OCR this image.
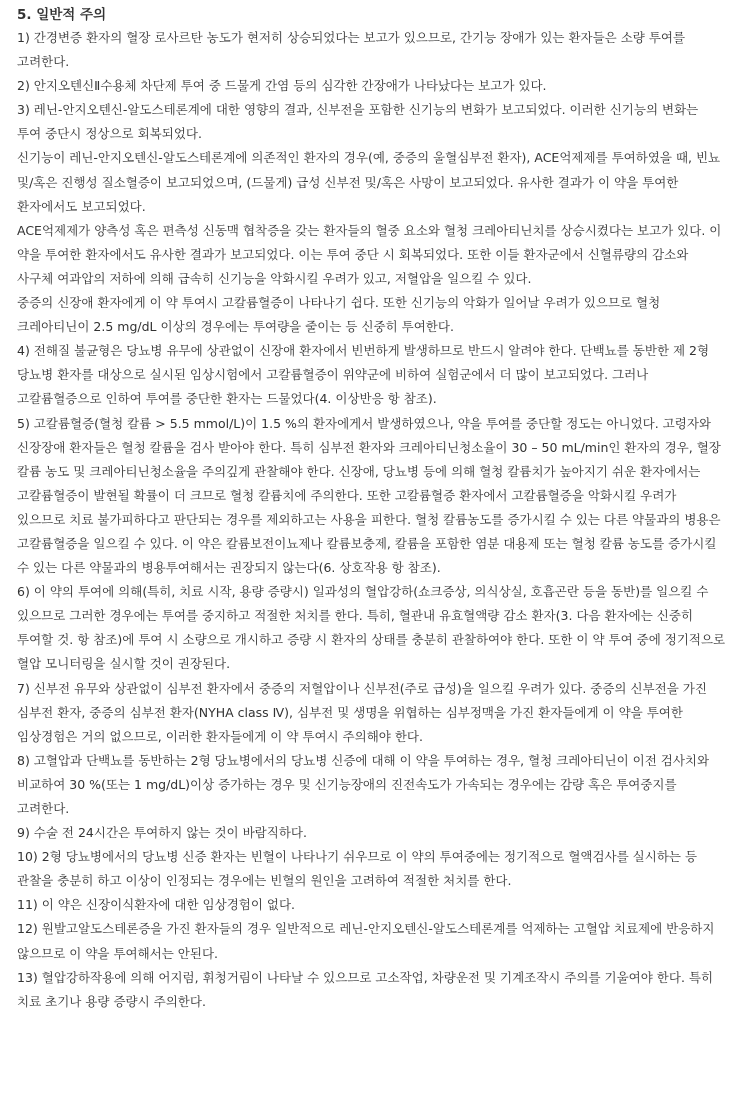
5. 일반적 주의

1) 간경변증 환자의 혈장 로사르탄 농도가 현저히 상승되었다는 보고가 있으므로, 간기능 장애가 있는 환자들은 소량 투여를 고려한다.

2) 안지오텐신Ⅱ수용체 차단제 투여 중 드물게 간염 등의 심각한 간장애가 나타났다는 보고가 있다.

3) 레닌-안지오텐신-알도스테론계에 대한 영향의 결과, 신부전을 포함한 신기능의 변화가 보고되었다. 이러한 신기능의 변화는 투여 중단시 정상으로 회복되었다.

신기능이 레닌-안지오텐신-알도스테론계에 의존적인 환자의 경우(예, 중증의 울혈심부전 환자), ACE억제제를 투여하였을 때, 빈뇨 및/혹은 진행성 질소혈증이 보고되었으며, (드물게) 급성 신부전 및/혹은 사망이 보고되었다. 유사한 결과가 이 약을 투여한 환자에서도 보고되었다.

ACE억제제가 양측성 혹은 편측성 신동맥 협착증을 갖는 환자들의 혈중 요소와 혈청 크레아티닌치를 상승시켰다는 보고가 있다. 이 약을 투여한 환자에서도 유사한 결과가 보고되었다. 이는 투여 중단 시 회복되었다. 또한 이들 환자군에서 신혈류량의 감소와 사구체 여과압의 저하에 의해 급속히 신기능을 악화시킬 우려가 있고, 저혈압을 일으킬 수 있다.

중증의 신장애 환자에게 이 약 투여시 고칼륨혈증이 나타나기 쉽다. 또한 신기능의 악화가 일어날 우려가 있으므로 혈청 크레아티닌이 2.5 mg/dL 이상의 경우에는 투여량을 줄이는 등 신중히 투여한다.

4) 전해질 불균형은 당뇨병 유무에 상관없이 신장애 환자에서 빈번하게 발생하므로 반드시 알려야 한다. 단백뇨를 동반한 제 2형 당뇨병 환자를 대상으로 실시된 임상시험에서 고칼륨혈증이 위약군에 비하여 실험군에서 더 많이 보고되었다. 그러나 고칼륨혈증으로 인하여 투여를 중단한 환자는 드물었다(4. 이상반응 항 참조).

5) 고칼륨혈증(혈청 칼륨 > 5.5 mmol/L)이 1.5 %의 환자에게서 발생하였으나, 약을 투여를 중단할 정도는 아니었다. 고령자와 신장장애 환자들은 혈청 칼륨을 검사 받아야 한다. 특히 심부전 환자와 크레아티닌청소율이 30 – 50 mL/min인 환자의 경우, 혈장 칼륨 농도 및 크레아티닌청소율을 주의깊게 관찰해야 한다. 신장애, 당뇨병 등에 의해 혈청 칼륨치가 높아지기 쉬운 환자에서는 고칼륨혈증이 발현될 확률이 더 크므로 혈청 칼륨치에 주의한다. 또한 고칼륨혈증 환자에서 고칼륨혈증을 악화시킬 우려가 있으므로 치료 불가피하다고 판단되는 경우를 제외하고는 사용을 피한다. 혈청 칼륨농도를 증가시킬 수 있는 다른 약물과의 병용은 고칼륨혈증을 일으킬 수 있다. 이 약은 칼륨보전이뇨제나 칼륨보충제, 칼륨을 포함한 염분 대용제 또는 혈청 칼륨 농도를 증가시킬 수 있는 다른 약물과의 병용투여해서는 권장되지 않는다(6. 상호작용 항 참조).

6) 이 약의 투여에 의해(특히, 치료 시작, 용량 증량시) 일과성의 혈압강하(쇼크증상, 의식상실, 호흡곤란 등을 동반)를 일으킬 수 있으므로 그러한 경우에는 투여를 중지하고 적절한 처치를 한다. 특히, 혈관내 유효혈액량 감소 환자(3. 다음 환자에는 신중히 투여할 것. 항 참조)에 투여 시 소량으로 개시하고 증량 시 환자의 상태를 충분히 관찰하여야 한다. 또한 이 약 투여 중에 정기적으로 혈압 모니터링을 실시할 것이 권장된다.

7) 신부전 유무와 상관없이 심부전 환자에서 중증의 저혈압이나 신부전(주로 급성)을 일으킬 우려가 있다. 중증의 신부전을 가진 심부전 환자, 중증의 심부전 환자(NYHA class Ⅳ), 심부전 및 생명을 위협하는 심부정맥을 가진 환자들에게 이 약을 투여한 임상경험은 거의 없으므로, 이러한 환자들에게 이 약 투여시 주의해야 한다.

8) 고혈압과 단백뇨를 동반하는 2형 당뇨병에서의 당뇨병 신증에 대해 이 약을 투여하는 경우, 혈청 크레아티닌이 이전 검사치와 비교하여 30 %(또는 1 mg/dL)이상 증가하는 경우 및 신기능장애의 진전속도가 가속되는 경우에는 감량 혹은 투여중지를 고려한다.

9) 수술 전 24시간은 투여하지 않는 것이 바람직하다.

10) 2형 당뇨병에서의 당뇨병 신증 환자는 빈혈이 나타나기 쉬우므로 이 약의 투여중에는 정기적으로 혈액검사를 실시하는 등 관찰을 충분히 하고 이상이 인정되는 경우에는 빈혈의 원인을 고려하여 적절한 처치를 한다.

11) 이 약은 신장이식환자에 대한 임상경험이 없다.

12) 원발고알도스테론증을 가진 환자들의 경우 일반적으로 레닌-안지오텐신-알도스테론계를 억제하는 고혈압 치료제에 반응하지 않으므로 이 약을 투여해서는 안된다.

13) 혈압강하작용에 의해 어지럼, 휘청거림이 나타날 수 있으므로 고소작업, 차량운전 및 기계조작시 주의를 기울여야 한다. 특히 치료 초기나 용량 증량시 주의한다.
